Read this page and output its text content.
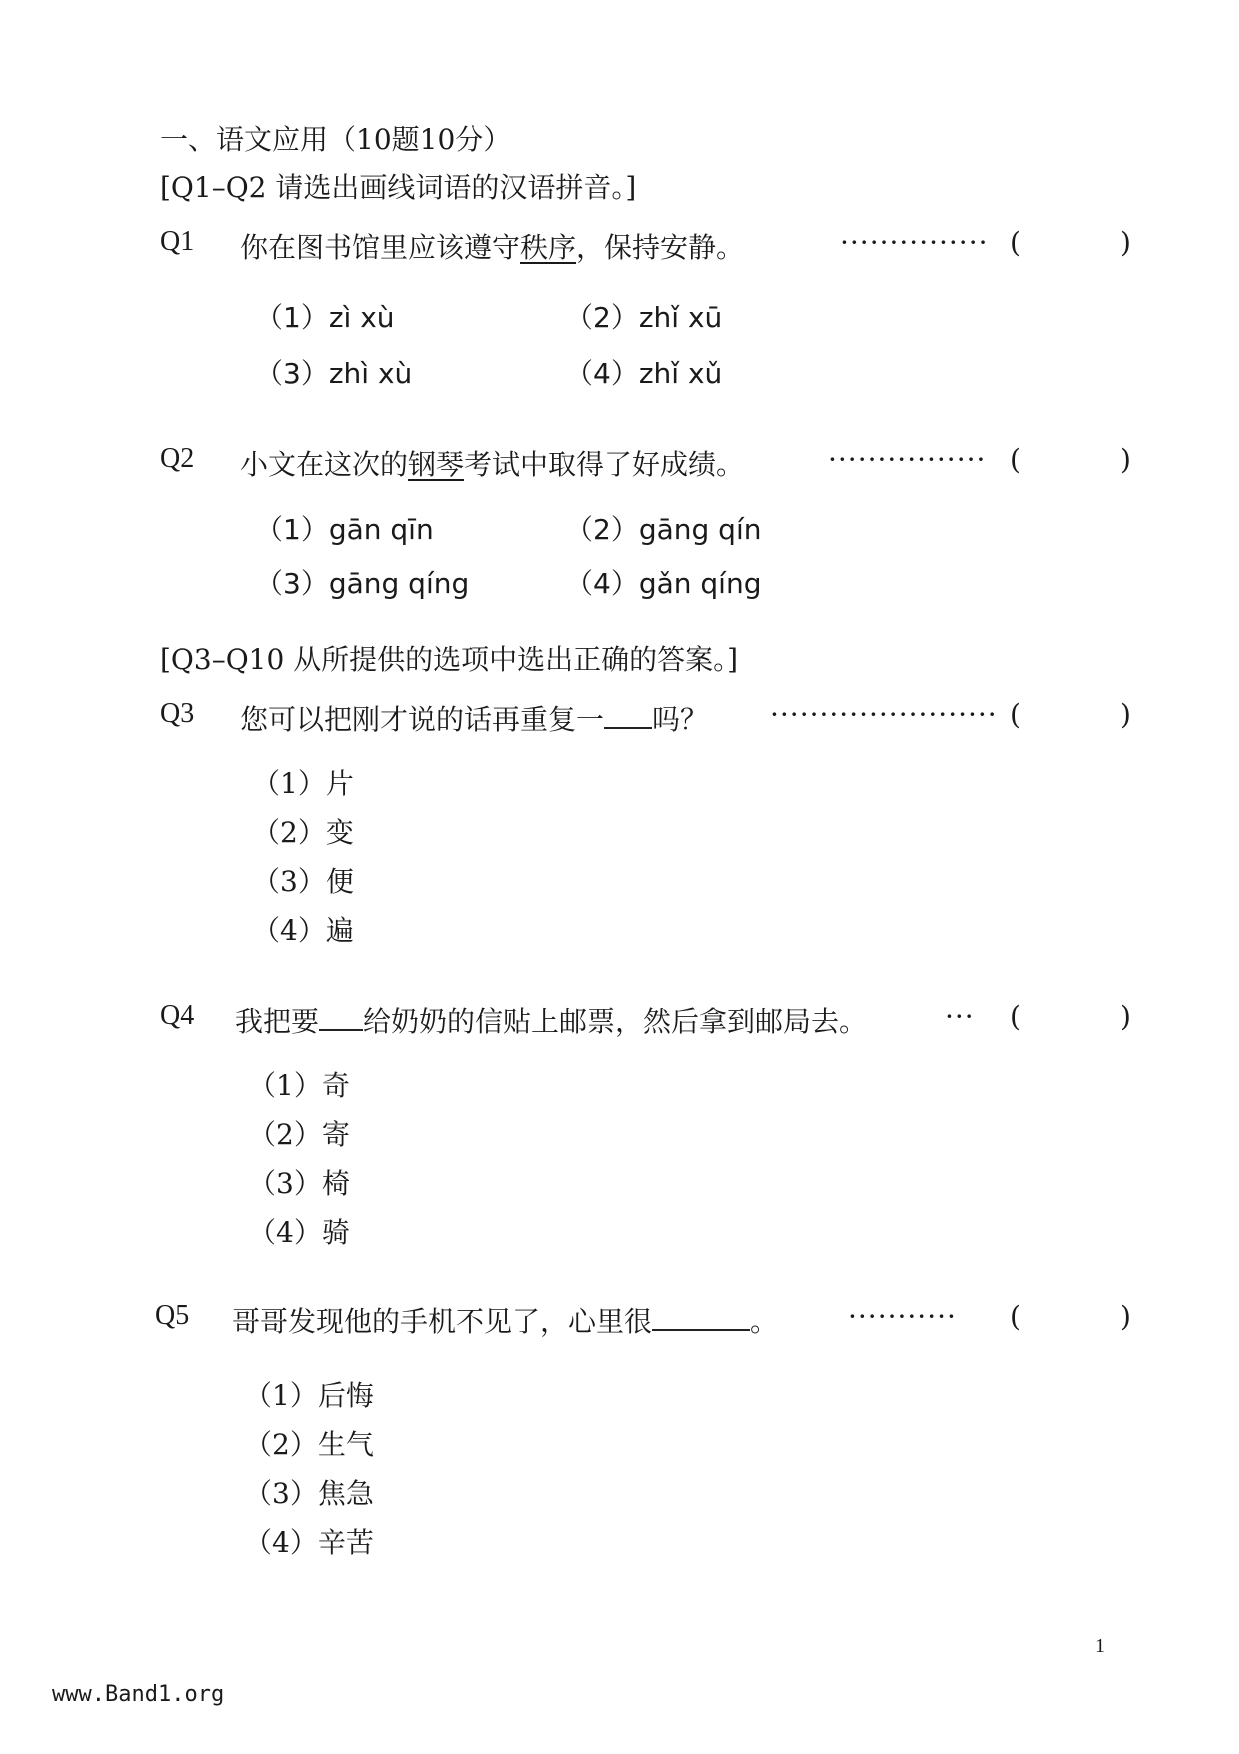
一、语文应用（10题10分）
[Q1–Q2 请选出画线词语的汉语拼音。]
Q1 你在图书馆里应该遵守秩序，保持安静。	··············· (	)
（1）zì xù	（2）zhǐ xū
（3）zhì xù	（4）zhǐ xǔ
Q2 小文在这次的钢琴考试中取得了好成绩。	················ (	)
（1）gān qīn	（2）gāng qín
（3）gāng qíng	（4）gǎn qíng
[Q3–Q10 从所提供的选项中选出正确的答案。]
Q3 您可以把刚才说的话再重复一 吗？ ······················· (	)
（1）片
（2）变
（3）便
（4）遍
Q4 我把要 给奶奶的信贴上邮票，然后拿到邮局去。	··· (	)
（1）奇
（2）寄
（3）椅
（4）骑
Q5 哥哥发现他的手机不见了，心里很	。 ··········· (	)
（1）后悔
（2）生气
（3）焦急
（4）辛苦
1
www.Band1.org
